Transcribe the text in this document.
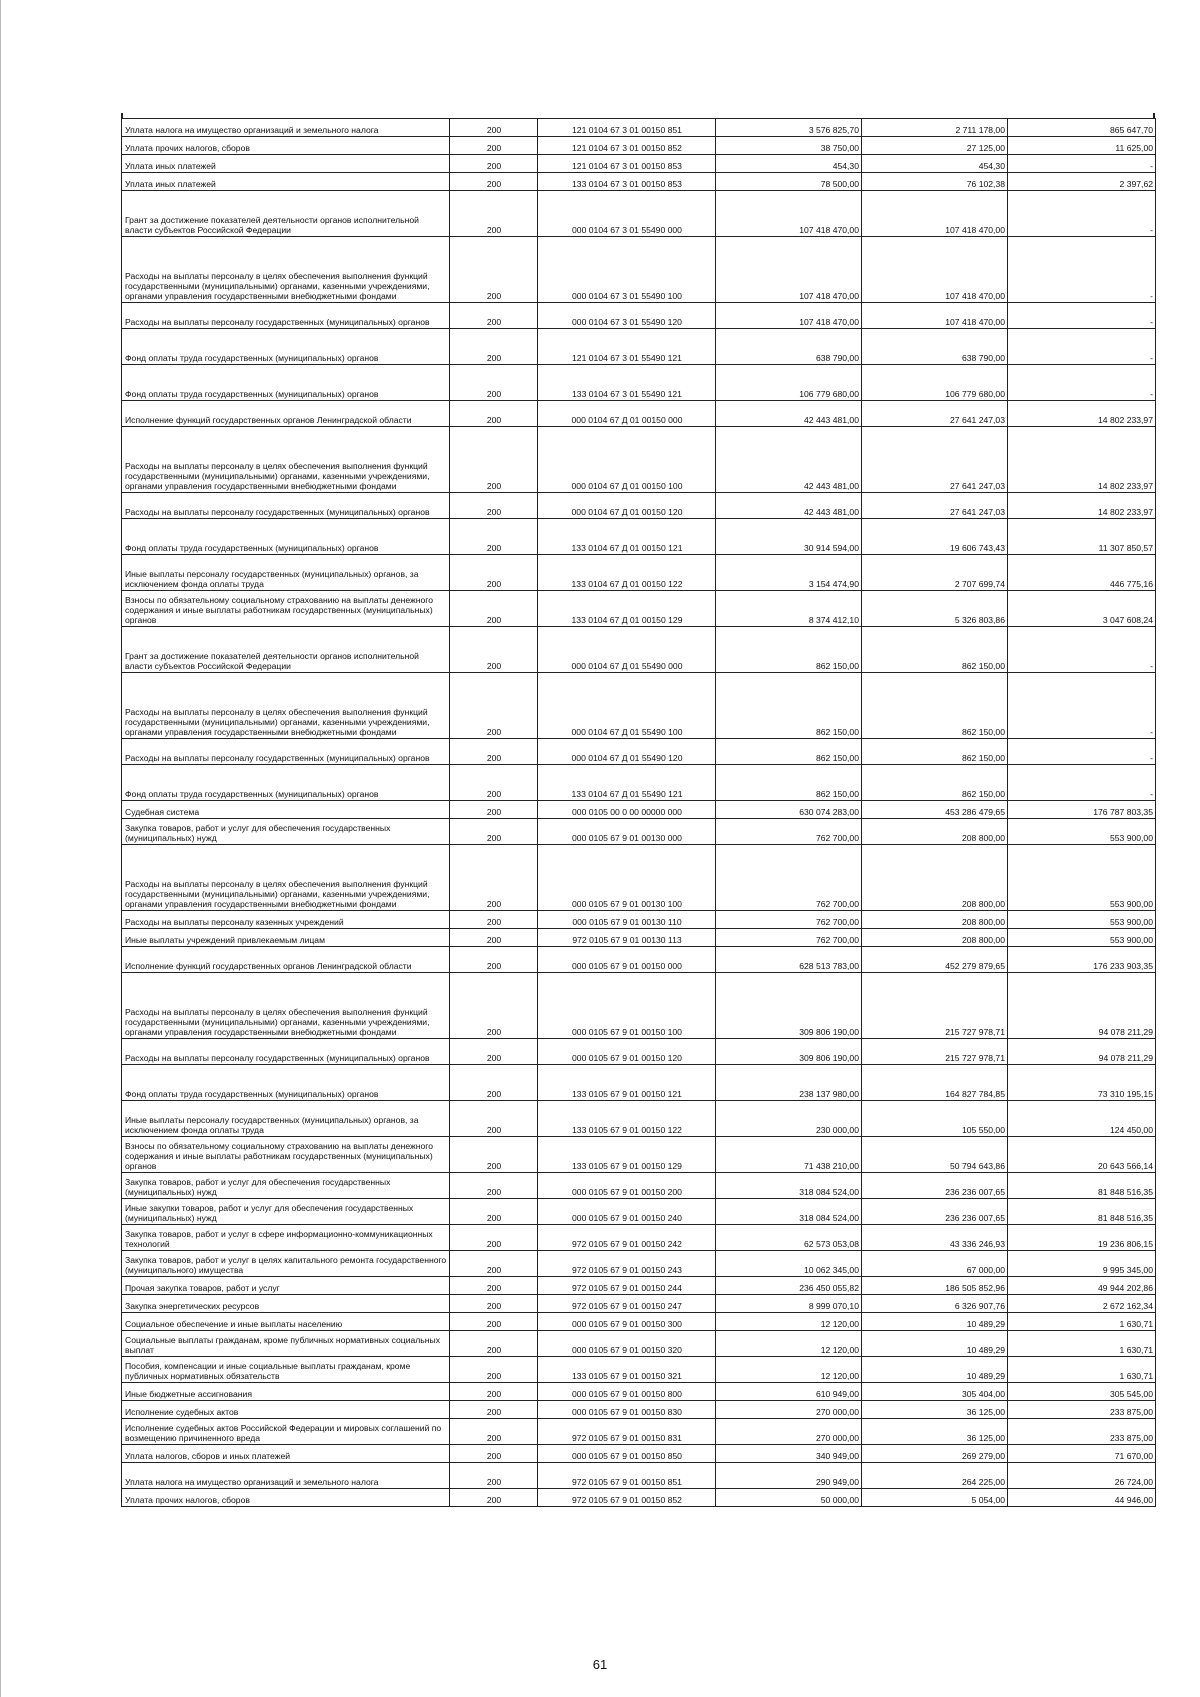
Уплата налога на имущество организаций и земельного налога	200	121 0104 67 3 01 00150 851	3 576 825,70	2 711 178,00	865 647,70
Уплата прочих налогов, сборов	200	121 0104 67 3 01 00150 852	38 750,00	27 125,00	11 625,00
Уплата иных платежей	200	121 0104 67 3 01 00150 853	454,30	454,30	-
Уплата иных платежей	200	133 0104 67 3 01 00150 853	78 500,00	76 102,38	2 397,62
Грант за достижение показателей деятельности органов исполнительной власти субъектов Российской Федерации	200	000 0104 67 3 01 55490 000	107 418 470,00	107 418 470,00	-
Расходы на выплаты персоналу в целях обеспечения выполнения функций государственными (муниципальными) органами, казенными учреждениями, органами управления государственными внебюджетными фондами	200	000 0104 67 3 01 55490 100	107 418 470,00	107 418 470,00	-
Расходы на выплаты персоналу государственных (муниципальных) органов	200	000 0104 67 3 01 55490 120	107 418 470,00	107 418 470,00	-
Фонд оплаты труда государственных (муниципальных) органов	200	121 0104 67 3 01 55490 121	638 790,00	638 790,00	-
Фонд оплаты труда государственных (муниципальных) органов	200	133 0104 67 3 01 55490 121	106 779 680,00	106 779 680,00	-
Исполнение функций государственных органов Ленинградской области	200	000 0104 67 Д 01 00150 000	42 443 481,00	27 641 247,03	14 802 233,97
Расходы на выплаты персоналу в целях обеспечения выполнения функций государственными (муниципальными) органами, казенными учреждениями, органами управления государственными внебюджетными фондами	200	000 0104 67 Д 01 00150 100	42 443 481,00	27 641 247,03	14 802 233,97
Расходы на выплаты персоналу государственных (муниципальных) органов	200	000 0104 67 Д 01 00150 120	42 443 481,00	27 641 247,03	14 802 233,97
Фонд оплаты труда государственных (муниципальных) органов	200	133 0104 67 Д 01 00150 121	30 914 594,00	19 606 743,43	11 307 850,57
Иные выплаты персоналу государственных (муниципальных) органов, за исключением фонда оплаты труда	200	133 0104 67 Д 01 00150 122	3 154 474,90	2 707 699,74	446 775,16
Взносы по обязательному социальному страхованию на выплаты денежного содержания и иные выплаты работникам государственных (муниципальных) органов	200	133 0104 67 Д 01 00150 129	8 374 412,10	5 326 803,86	3 047 608,24
Грант за достижение показателей деятельности органов исполнительной власти субъектов Российской Федерации	200	000 0104 67 Д 01 55490 000	862 150,00	862 150,00	-
Расходы на выплаты персоналу в целях обеспечения выполнения функций государственными (муниципальными) органами, казенными учреждениями, органами управления государственными внебюджетными фондами	200	000 0104 67 Д 01 55490 100	862 150,00	862 150,00	-
Расходы на выплаты персоналу государственных (муниципальных) органов	200	000 0104 67 Д 01 55490 120	862 150,00	862 150,00	-
Фонд оплаты труда государственных (муниципальных) органов	200	133 0104 67 Д 01 55490 121	862 150,00	862 150,00	-
Судебная система	200	000 0105 00 0 00 00000 000	630 074 283,00	453 286 479,65	176 787 803,35
Закупка товаров, работ и услуг для обеспечения государственных (муниципальных) нужд	200	000 0105 67 9 01 00130 000	762 700,00	208 800,00	553 900,00
Расходы на выплаты персоналу в целях обеспечения выполнения функций государственными (муниципальными) органами, казенными учреждениями, органами управления государственными внебюджетными фондами	200	000 0105 67 9 01 00130 100	762 700,00	208 800,00	553 900,00
Расходы на выплаты персоналу казенных учреждений	200	000 0105 67 9 01 00130 110	762 700,00	208 800,00	553 900,00
Иные выплаты учреждений привлекаемым лицам	200	972 0105 67 9 01 00130 113	762 700,00	208 800,00	553 900,00
Исполнение функций государственных органов Ленинградской области	200	000 0105 67 9 01 00150 000	628 513 783,00	452 279 879,65	176 233 903,35
Расходы на выплаты персоналу в целях обеспечения выполнения функций государственными (муниципальными) органами, казенными учреждениями, органами управления государственными внебюджетными фондами	200	000 0105 67 9 01 00150 100	309 806 190,00	215 727 978,71	94 078 211,29
Расходы на выплаты персоналу государственных (муниципальных) органов	200	000 0105 67 9 01 00150 120	309 806 190,00	215 727 978,71	94 078 211,29
Фонд оплаты труда государственных (муниципальных) органов	200	133 0105 67 9 01 00150 121	238 137 980,00	164 827 784,85	73 310 195,15
Иные выплаты персоналу государственных (муниципальных) органов, за исключением фонда оплаты труда	200	133 0105 67 9 01 00150 122	230 000,00	105 550,00	124 450,00
Взносы по обязательному социальному страхованию на выплаты денежного содержания и иные выплаты работникам государственных (муниципальных) органов	200	133 0105 67 9 01 00150 129	71 438 210,00	50 794 643,86	20 643 566,14
Закупка товаров, работ и услуг для обеспечения государственных (муниципальных) нужд	200	000 0105 67 9 01 00150 200	318 084 524,00	236 236 007,65	81 848 516,35
Иные закупки товаров, работ и услуг для обеспечения государственных (муниципальных) нужд	200	000 0105 67 9 01 00150 240	318 084 524,00	236 236 007,65	81 848 516,35
Закупка товаров, работ и услуг в сфере информационно-коммуникационных технологий	200	972 0105 67 9 01 00150 242	62 573 053,08	43 336 246,93	19 236 806,15
Закупка товаров, работ и услуг в целях капитального ремонта государственного (муниципального) имущества	200	972 0105 67 9 01 00150 243	10 062 345,00	67 000,00	9 995 345,00
Прочая закупка товаров, работ и услуг	200	972 0105 67 9 01 00150 244	236 450 055,82	186 505 852,96	49 944 202,86
Закупка энергетических ресурсов	200	972 0105 67 9 01 00150 247	8 999 070,10	6 326 907,76	2 672 162,34
Социальное обеспечение и иные выплаты населению	200	000 0105 67 9 01 00150 300	12 120,00	10 489,29	1 630,71
Социальные выплаты гражданам, кроме публичных нормативных социальных выплат	200	000 0105 67 9 01 00150 320	12 120,00	10 489,29	1 630,71
Пособия, компенсации и иные социальные выплаты гражданам, кроме публичных нормативных обязательств	200	133 0105 67 9 01 00150 321	12 120,00	10 489,29	1 630,71
Иные бюджетные ассигнования	200	000 0105 67 9 01 00150 800	610 949,00	305 404,00	305 545,00
Исполнение судебных актов	200	000 0105 67 9 01 00150 830	270 000,00	36 125,00	233 875,00
Исполнение судебных актов Российской Федерации и мировых соглашений по возмещению причиненного вреда	200	972 0105 67 9 01 00150 831	270 000,00	36 125,00	233 875,00
Уплата налогов, сборов и иных платежей	200	000 0105 67 9 01 00150 850	340 949,00	269 279,00	71 670,00
Уплата налога на имущество организаций и земельного налога	200	972 0105 67 9 01 00150 851	290 949,00	264 225,00	26 724,00
Уплата прочих налогов, сборов	200	972 0105 67 9 01 00150 852	50 000,00	5 054,00	44 946,00
61
